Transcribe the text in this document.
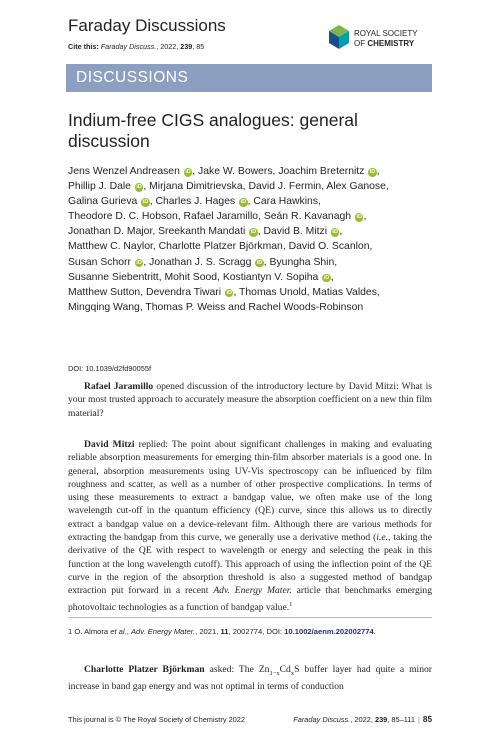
Faraday Discussions
Cite this: Faraday Discuss., 2022, 239, 85
ROYAL SOCIETY
OF CHEMISTRY
DISCUSSIONS
Indium-free CIGS analogues: general discussion
Jens Wenzel Andreasen iD , Jake W. Bowers, Joachim Breternitz iD ,
Phillip J. Dale iD , Mirjana Dimitrievska, David J. Fermin, Alex Ganose,
Galina Gurieva iD , Charles J. Hages iD , Cara Hawkins,
Theodore D. C. Hobson, Rafael Jaramillo, Seán R. Kavanagh iD ,
Jonathan D. Major, Sreekanth Mandati iD , David B. Mitzi iD ,
Matthew C. Naylor, Charlotte Platzer Björkman, David O. Scanlon,
Susan Schorr iD , Jonathan J. S. Scragg iD , Byungha Shin,
Susanne Siebentritt, Mohit Sood, Kostiantyn V. Sopiha iD ,
Matthew Sutton, Devendra Tiwari iD , Thomas Unold, Matias Valdes,
Mingqing Wang, Thomas P. Weiss and Rachel Woods-Robinson
DOI: 10.1039/d2fd90055f
Rafael Jaramillo opened discussion of the introductory lecture by David Mitzi: What is your most trusted approach to accurately measure the absorption coefficient on a new thin film material?
David Mitzi replied: The point about significant challenges in making and evaluating reliable absorption measurements for emerging thin-film absorber materials is a good one. In general, absorption measurements using UV-Vis spectroscopy can be influenced by film roughness and scatter, as well as a number of other prospective complications. In terms of using these measurements to extract a bandgap value, we often make use of the long wavelength cut-off in the quantum efficiency (QE) curve, since this allows us to directly extract a bandgap value on a device-relevant film. Although there are various methods for extracting the bandgap from this curve, we generally use a derivative method (i.e., taking the derivative of the QE with respect to wavelength or energy and selecting the peak in this function at the long wavelength cutoff). This approach of using the inflection point of the QE curve in the region of the absorption threshold is also a suggested method of bandgap extraction put forward in a recent Adv. Energy Mater. article that benchmarks emerging photovoltaic technologies as a function of bandgap value.$^1$
1 O. Almora et al., Adv. Energy Mater., 2021, 11, 2002774, DOI: 10.1002/aenm.202002774.
Charlotte Platzer Björkman asked: The $Zn_{1-x}Cd_xS$ buffer layer had quite a minor increase in band gap energy and was not optimal in terms of conduction
This journal is © The Royal Society of Chemistry 2022	Faraday Discuss., 2022, 239, 85–111 | 85
